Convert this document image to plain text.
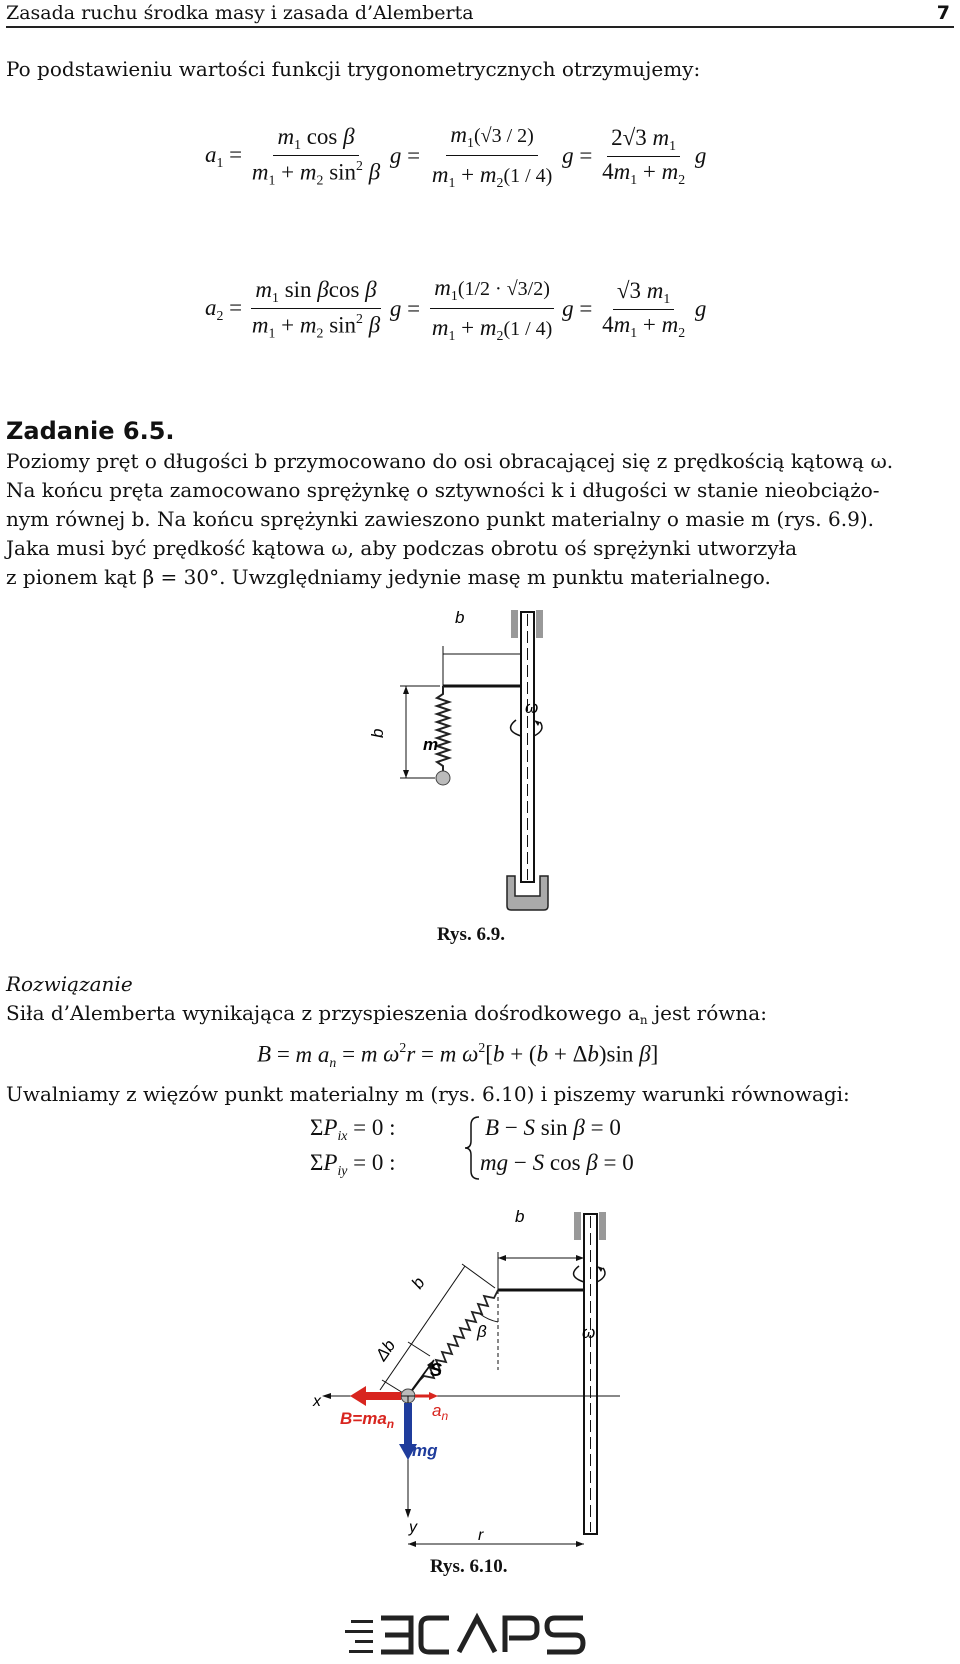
Zasada ruchu środka masy i zasada d’Alemberta	7
Po podstawieniu wartości funkcji trygonometrycznych otrzymujemy:
$a_1 = \frac{m_1 \cos \beta}{m_1 + m_2 \sin^2 \beta}$ $g = \frac{m_1(√3 / 2)}{m_1 + m_2(1 / 4)}$ $g = \frac{2√3 m_1}{4m_1 + m_2}$ g
$a_2 = \frac{m_1 \sin \beta\cos \beta}{m_1 + m_2 \sin^2 \beta}$ $g = \frac{m_1(1/2 \cdot √3/2)}{m_1 + m_2(1 / 4)}$ $g = \frac{√3 m_1}{4m_1 + m_2}$ g
Zadanie 6.5.
Poziomy pręt o długości b przymocowano do osi obracającej się z prędkością kątową ω.
Na końcu pręta zamocowano sprężynkę o sztywności k i długości w stanie nieobciążo-
nym równej b. Na końcu sprężynki zawieszono punkt materialny o masie m (rys. 6.9).
Jaka musi być prędkość kątowa ω, aby podczas obrotu oś sprężynki utworzyła
z pionem kąt β = 30°. Uwzględniamy jedynie masę m punktu materialnego.
b
b
m
ω
Rys. 6.9.
Rozwiązanie
Siła d’Alemberta wynikająca z przyspieszenia dośrodkowego $a_n$ jest równa:
B = m $a_n = m$ $\omega^2r = m$ $\omega^2[b + (b + \Delta b)\sin$ β]
Uwalniamy z więzów punkt materialny m (rys. 6.10) i piszemy warunki równowagi:
$\Sigma P_{ix} = 0$ :
$\Sigma P_{iy} = 0$ :
B − S sin β = 0
mg − S cos β = 0
b
b
Δb
β	ω
S
x
$B=ma_n$
$a_n$
mg
y	r
Rys. 6.10.
E3CAPS
